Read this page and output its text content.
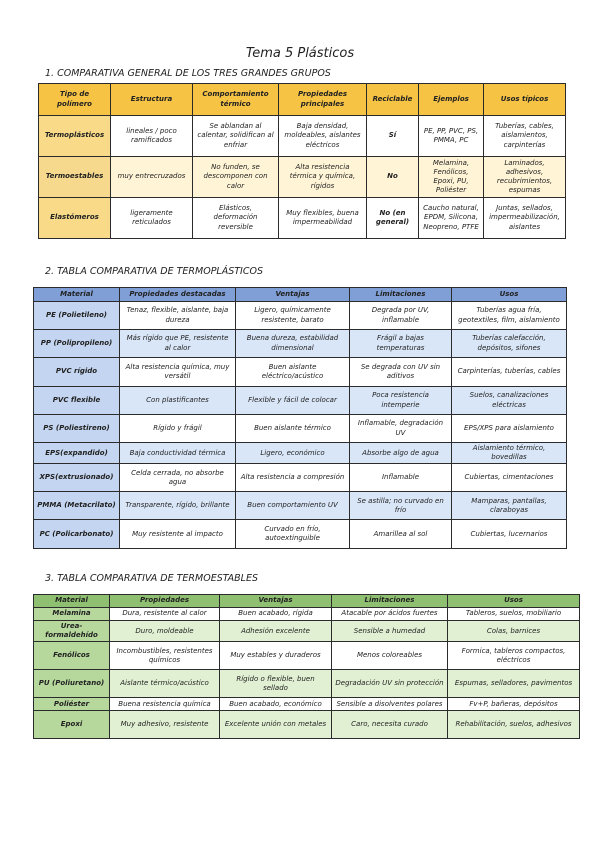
Tema 5 Plásticos
1. COMPARATIVA GENERAL DE LOS TRES GRANDES GRUPOS
Tipo de polímero	Estructura	Comportamiento térmico	Propiedades principales	Reciclable	Ejemplos	Usos típicos
Termoplásticos	lineales / poco ramificados	Se ablandan al calentar, solidifican al enfriar	Baja densidad, moldeables, aislantes eléctricos	Sí	PE, PP, PVC, PS, PMMA, PC	Tuberías, cables, aislamientos, carpinterías
Termoestables	muy entrecruzados	No funden, se descomponen con calor	Alta resistencia térmica y química, rígidos	No	Melamina, Fenólicos, Epoxi, PU, Poliéster	Laminados, adhesivos, recubrimientos, espumas
Elastómeros	ligeramente reticulados	Elásticos, deformación reversible	Muy flexibles, buena impermeabilidad	No (en general)	Caucho natural, EPDM, Silicona, Neopreno, PTFE	Juntas, sellados, impermeabilización, aislantes
2. TABLA COMPARATIVA DE TERMOPLÁSTICOS
Material	Propiedades destacadas	Ventajas	Limitaciones	Usos
PE (Polietileno)	Tenaz, flexible, aislante, baja dureza	Ligero, químicamente resistente, barato	Degrada por UV, inflamable	Tuberías agua fría, geotextiles, film, aislamiento
PP (Polipropileno)	Más rígido que PE, resistente al calor	Buena dureza, estabilidad dimensional	Frágil a bajas temperaturas	Tuberías calefacción, depósitos, sifones
PVC rígido	Alta resistencia química, muy versátil	Buen aislante eléctrico/acústico	Se degrada con UV sin aditivos	Carpinterías, tuberías, cables
PVC flexible	Con plastificantes	Flexible y fácil de colocar	Poca resistencia intemperie	Suelos, canalizaciones eléctricas
PS (Poliestireno)	Rígido y frágil	Buen aislante térmico	Inflamable, degradación UV	EPS/XPS para aislamiento
EPS(expandido)	Baja conductividad térmica	Ligero, económico	Absorbe algo de agua	Aislamiento térmico, bovedillas
XPS(extrusionado)	Celda cerrada, no absorbe agua	Alta resistencia a compresión	Inflamable	Cubiertas, cimentaciones
PMMA (Metacrilato)	Transparente, rígido, brillante	Buen comportamiento UV	Se astilla; no curvado en frío	Mamparas, pantallas, claraboyas
PC (Policarbonato)	Muy resistente al impacto	Curvado en frío, autoextinguible	Amarillea al sol	Cubiertas, lucernarios
3. TABLA COMPARATIVA DE TERMOESTABLES
Material	Propiedades	Ventajas	Limitaciones	Usos
Melamina	Dura, resistente al calor	Buen acabado, rígida	Atacable por ácidos fuertes	Tableros, suelos, mobiliario
Urea-formaldehído	Duro, moldeable	Adhesión excelente	Sensible a humedad	Colas, barnices
Fenólicos	Incombustibles, resistentes químicos	Muy estables y duraderos	Menos coloreables	Formica, tableros compactos, eléctricos
PU (Poliuretano)	Aislante térmico/acústico	Rígido o flexible, buen sellado	Degradación UV sin protección	Espumas, selladores, pavimentos
Poliéster	Buena resistencia química	Buen acabado, económico	Sensible a disolventes polares	Fv+P, bañeras, depósitos
Epoxi	Muy adhesivo, resistente	Excelente unión con metales	Caro, necesita curado	Rehabilitación, suelos, adhesivos
